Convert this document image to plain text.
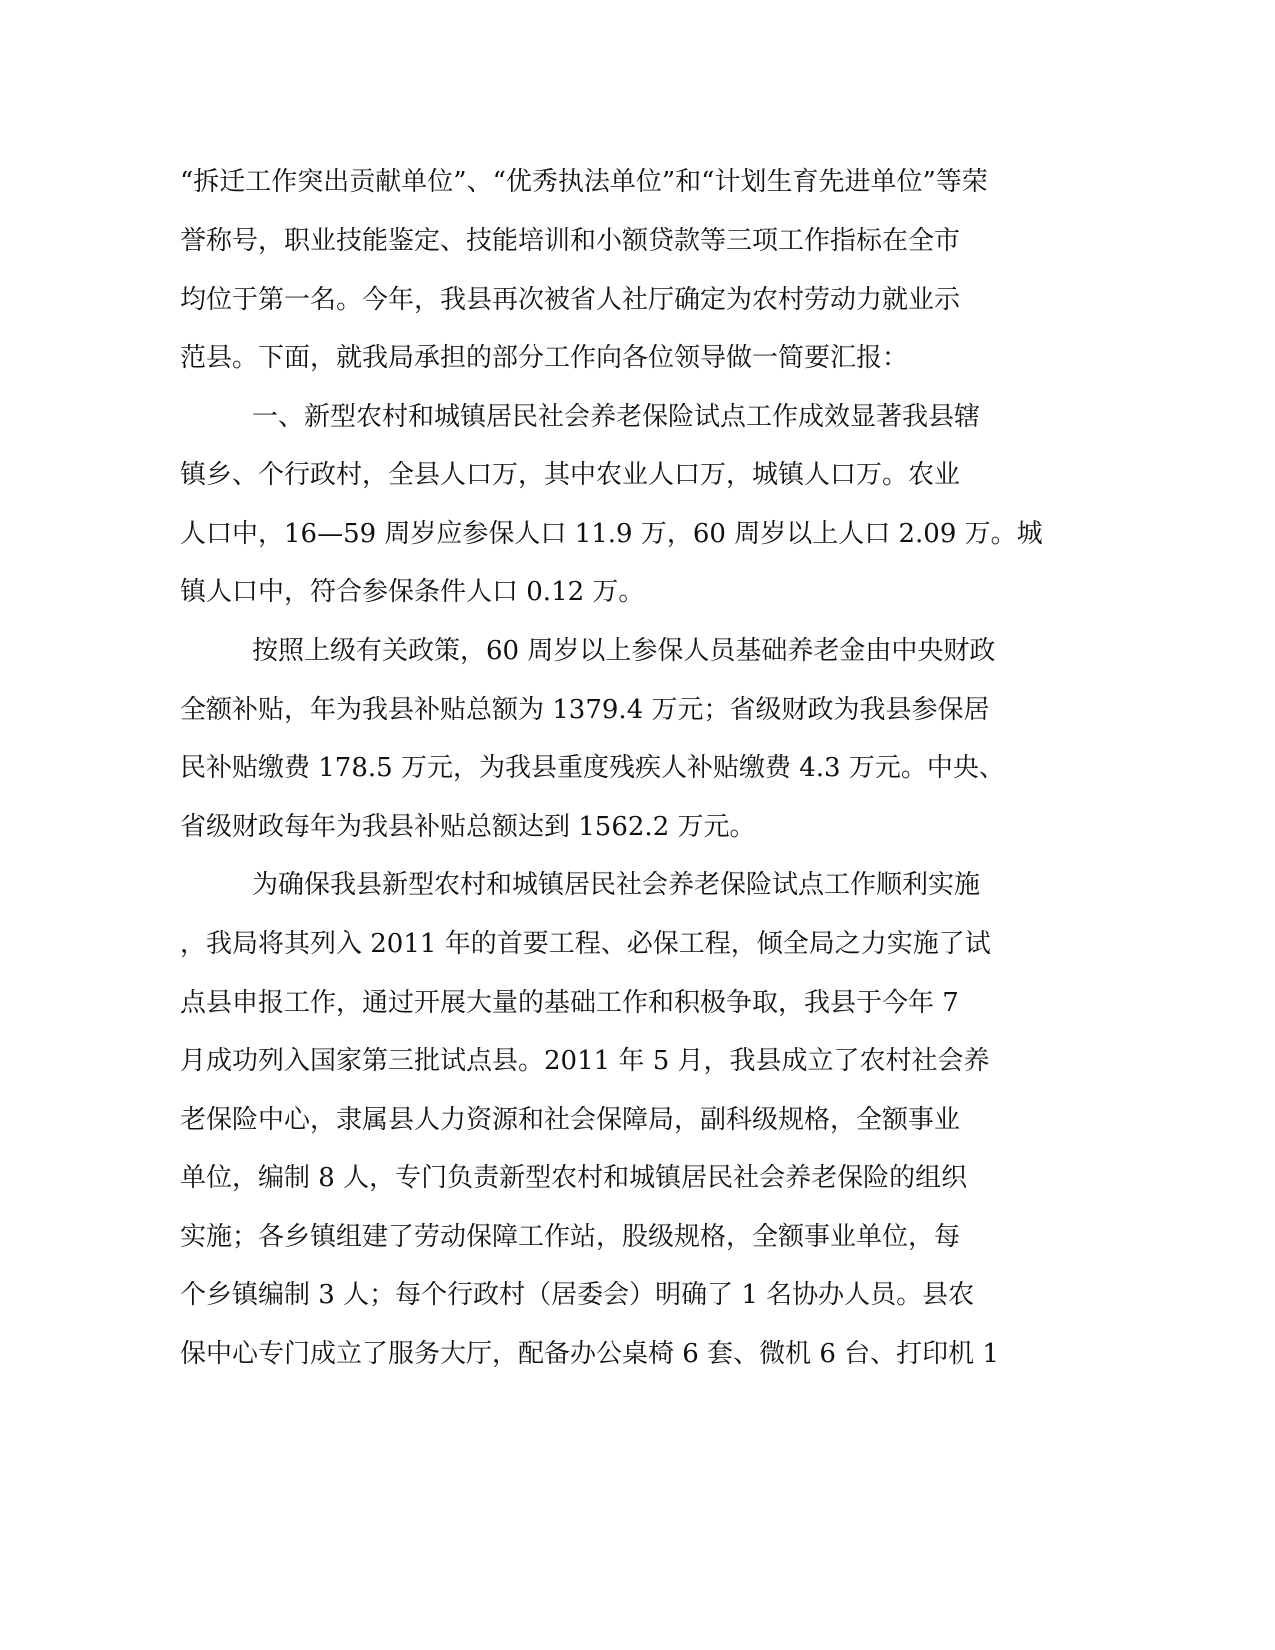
“拆迁工作突出贡献单位”、“优秀执法单位”和“计划生育先进单位”等荣

誉称号，职业技能鉴定、技能培训和小额贷款等三项工作指标在全市

均位于第一名。今年，我县再次被省人社厅确定为农村劳动力就业示

范县。下面，就我局承担的部分工作向各位领导做一简要汇报：

一、新型农村和城镇居民社会养老保险试点工作成效显著我县辖

镇乡、个行政村，全县人口万，其中农业人口万，城镇人口万。农业

人口中，16—59 周岁应参保人口 11.9 万，60 周岁以上人口 2.09 万。城

镇人口中，符合参保条件人口 0.12 万。

按照上级有关政策，60 周岁以上参保人员基础养老金由中央财政

全额补贴，年为我县补贴总额为 1379.4 万元；省级财政为我县参保居

民补贴缴费 178.5 万元，为我县重度残疾人补贴缴费 4.3 万元。中央、

省级财政每年为我县补贴总额达到 1562.2 万元。

为确保我县新型农村和城镇居民社会养老保险试点工作顺利实施

，我局将其列入 2011 年的首要工程、必保工程，倾全局之力实施了试

点县申报工作，通过开展大量的基础工作和积极争取，我县于今年 7

月成功列入国家第三批试点县。2011 年 5 月，我县成立了农村社会养

老保险中心，隶属县人力资源和社会保障局，副科级规格，全额事业

单位，编制 8 人，专门负责新型农村和城镇居民社会养老保险的组织

实施；各乡镇组建了劳动保障工作站，股级规格，全额事业单位，每

个乡镇编制 3 人；每个行政村（居委会）明确了 1 名协办人员。县农

保中心专门成立了服务大厅，配备办公桌椅 6 套、微机 6 台、打印机 1
